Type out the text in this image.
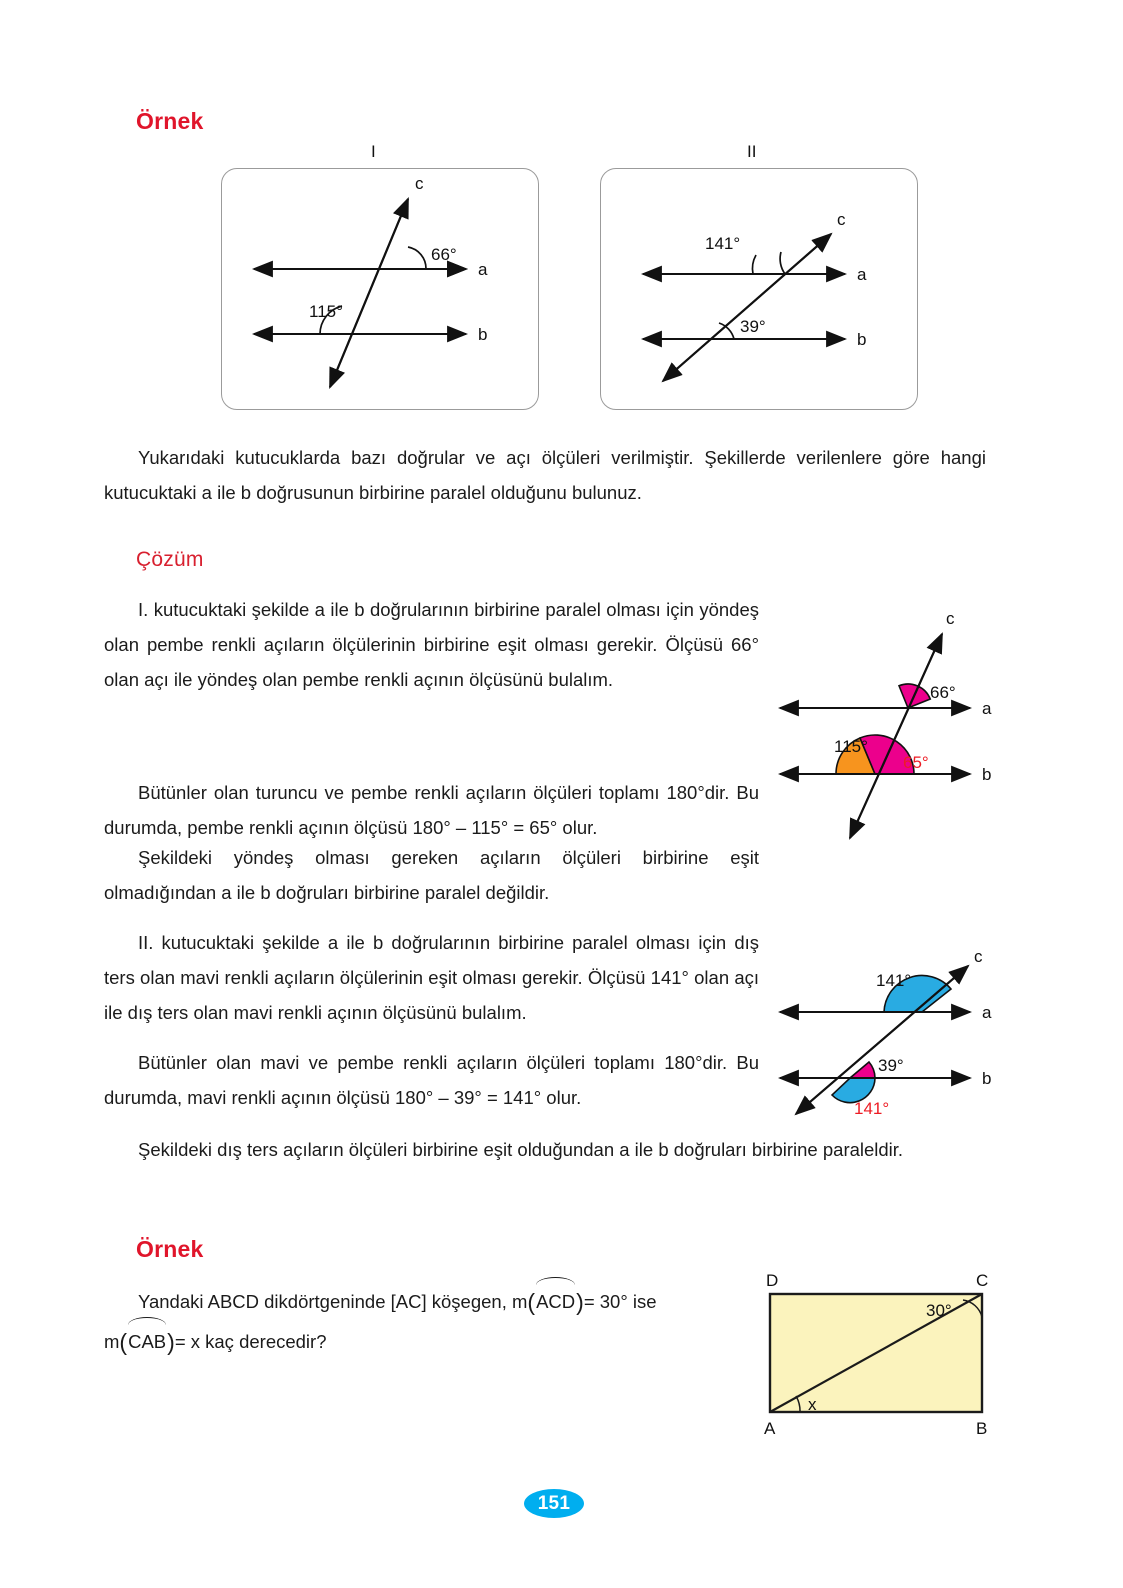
Örnek
I	II
c
a
b
66°
115°
c
a
b
141°
39°
Yukarıdaki kutucuklarda bazı doğrular ve açı ölçüleri verilmiştir. Şekillerde verilenlere göre hangi kutucuktaki a ile b doğrusunun birbirine paralel olduğunu bulunuz.
Çözüm
I. kutucuktaki şekilde a ile b doğrularının birbirine paralel olması için yöndeş olan pembe renkli açıların ölçülerinin birbirine eşit olması gerekir. Ölçüsü 66° olan açı ile yöndeş olan pembe renkli açının ölçüsünü bulalım.
Bütünler olan turuncu ve pembe renkli açıların ölçüleri toplamı 180°dir. Bu durumda, pembe renkli açının ölçüsü 180° – 115° = 65° olur.
Şekildeki yöndeş olması gereken açıların ölçüleri birbirine eşit olmadığından a ile b doğruları birbirine paralel değildir.
II. kutucuktaki şekilde a ile b doğrularının birbirine paralel olması için dış ters olan mavi renkli açıların ölçülerinin eşit olması gerekir. Ölçüsü 141° olan açı ile dış ters olan mavi renkli açının ölçüsünü bulalım.
Bütünler olan mavi ve pembe renkli açıların ölçüleri toplamı 180°dir. Bu durumda, mavi renkli açının ölçüsü 180° – 39° = 141° olur.
Şekildeki dış ters açıların ölçüleri birbirine eşit olduğundan a ile b doğruları birbirine paraleldir.
c
a
b
66°
115°
65°
c
a
b
141°
39°
141°
Örnek
Yandaki ABCD dikdörtgeninde [AC] köşegen, m(ACD)= 30° ise
m(CAB)= x kaç derecedir?
D	C
A	B
30°
x
151
